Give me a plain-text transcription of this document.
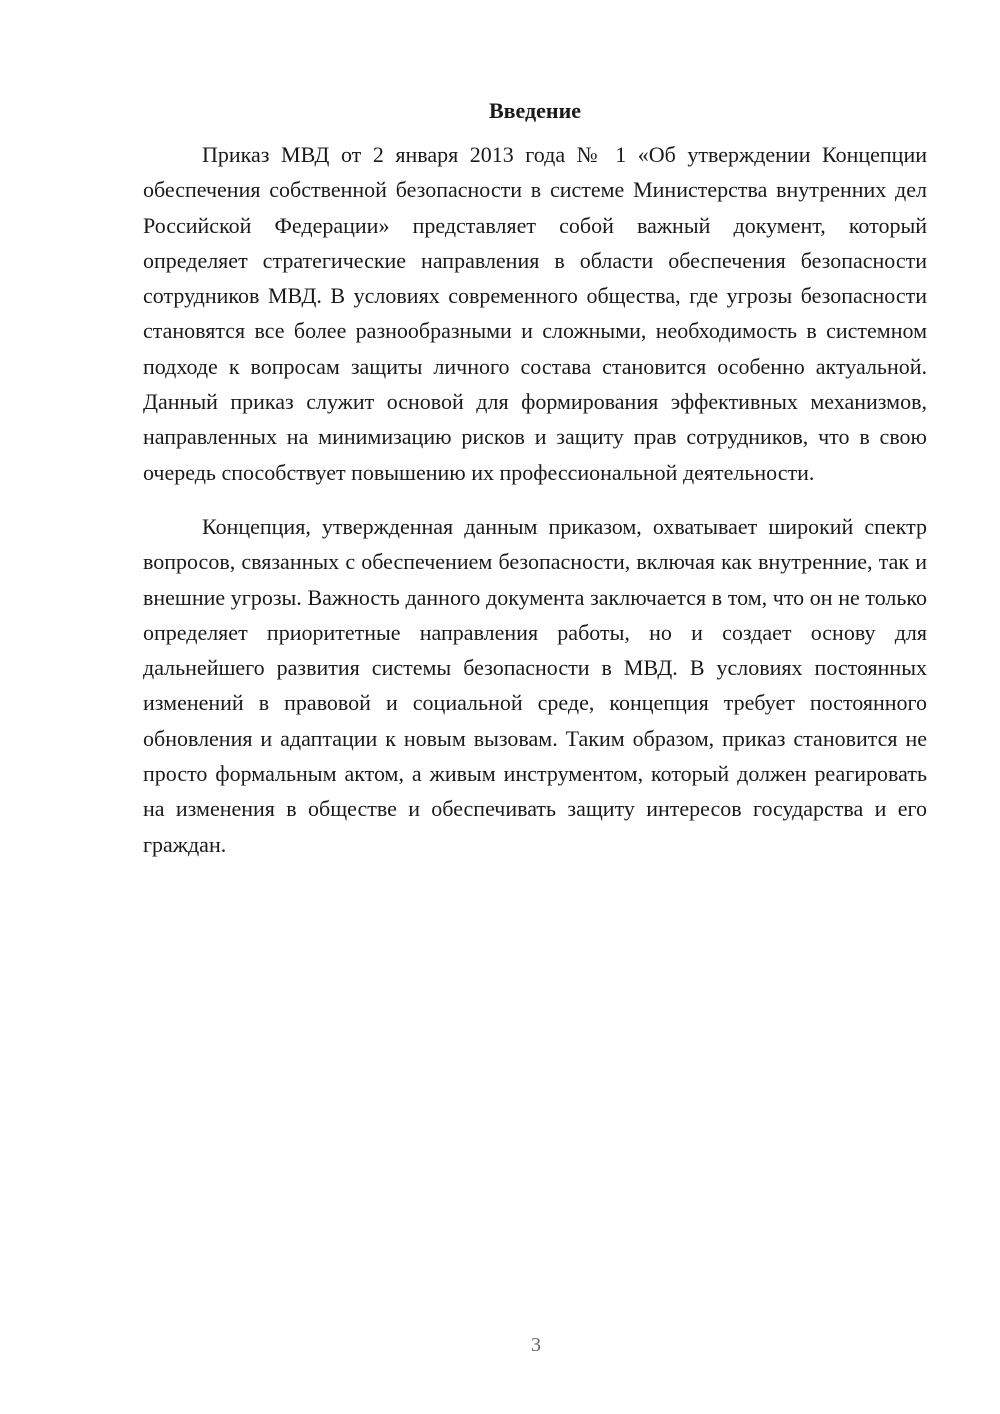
Введение

Приказ МВД от 2 января 2013 года № 1 «Об утверждении Концепции обеспечения собственной безопасности в системе Министерства внутренних дел Российской Федерации» представляет собой важный документ, который определяет стратегические направления в области обеспечения безопасности сотрудников МВД. В условиях современного общества, где угрозы безопасности становятся все более разнообразными и сложными, необходимость в системном подходе к вопросам защиты личного состава становится особенно актуальной. Данный приказ служит основой для формирования эффективных механизмов, направленных на минимизацию рисков и защиту прав сотрудников, что в свою очередь способствует повышению их профессиональной деятельности.

Концепция, утвержденная данным приказом, охватывает широкий спектр вопросов, связанных с обеспечением безопасности, включая как внутренние, так и внешние угрозы. Важность данного документа заключается в том, что он не только определяет приоритетные направления работы, но и создает основу для дальнейшего развития системы безопасности в МВД. В условиях постоянных изменений в правовой и социальной среде, концепция требует постоянного обновления и адаптации к новым вызовам. Таким образом, приказ становится не просто формальным актом, а живым инструментом, который должен реагировать на изменения в обществе и обеспечивать защиту интересов государства и его граждан.

3
